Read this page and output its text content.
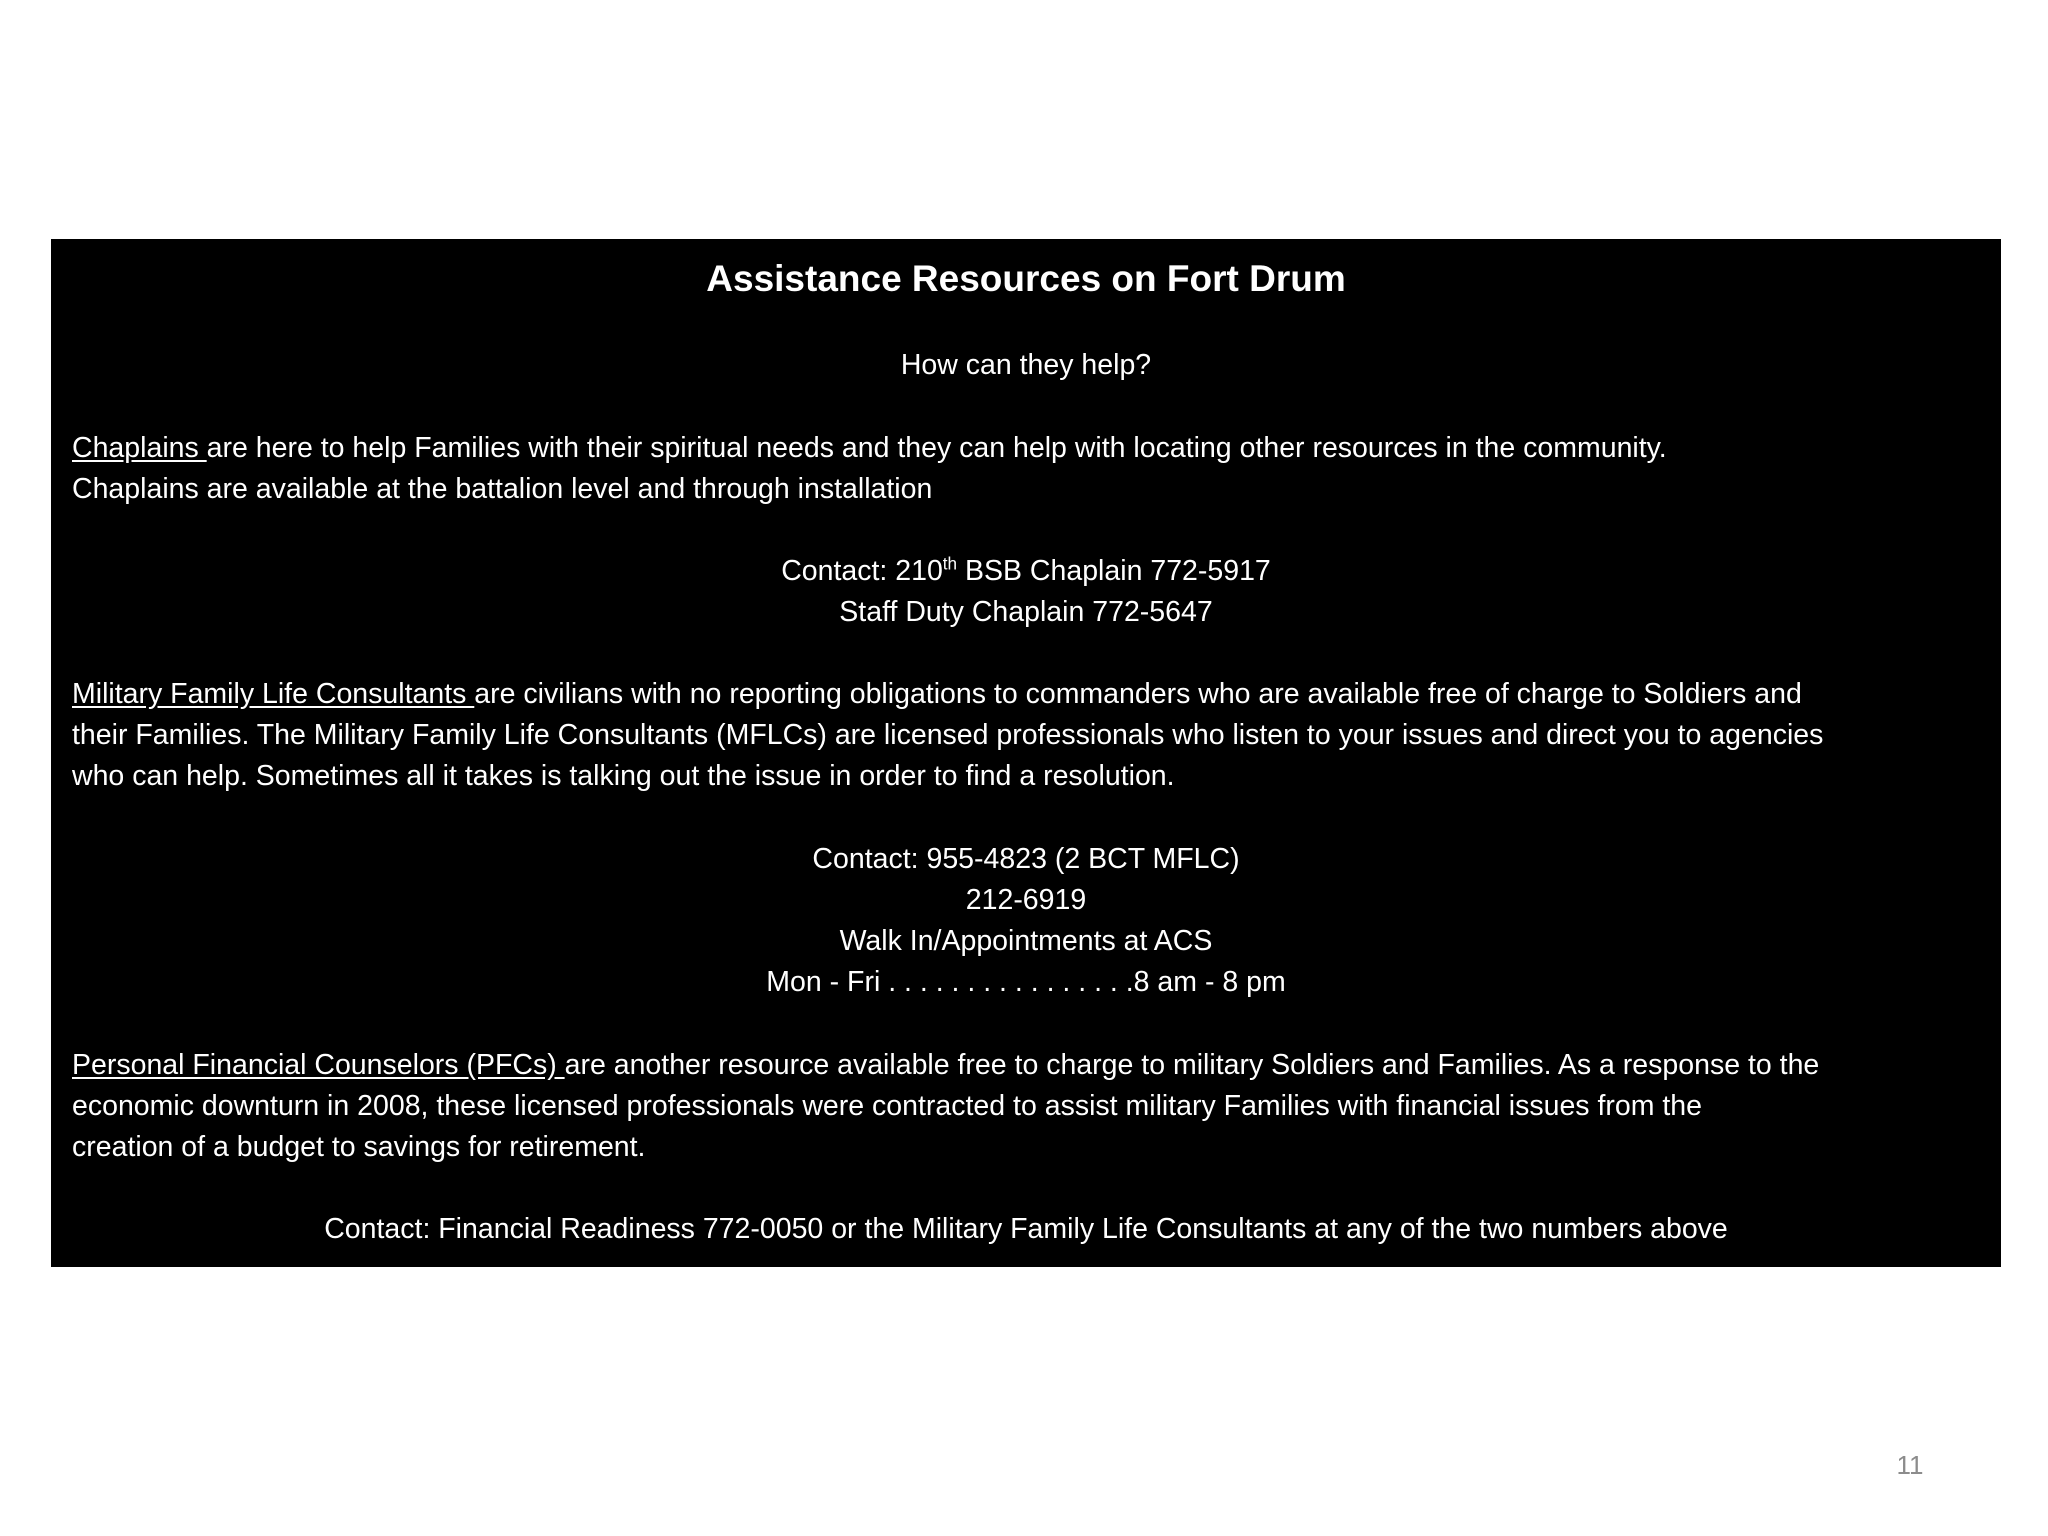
Assistance Resources on Fort Drum
How can they help?
Chaplains are here to help Families with their spiritual needs and they can help with locating other resources in the community.
Chaplains are available at the battalion level and through installation
Contact: 210th BSB Chaplain 772-5917
Staff Duty Chaplain 772-5647
Military Family Life Consultants are civilians with no reporting obligations to commanders who are available free of charge to Soldiers and
their Families. The Military Family Life Consultants (MFLCs) are licensed professionals who listen to your issues and direct you to agencies
who can help. Sometimes all it takes is talking out the issue in order to find a resolution.
Contact: 955-4823 (2 BCT MFLC)
212-6919
Walk In/Appointments at ACS
Mon - Fri . . . . . . . . . . . . . . . .8 am - 8 pm
Personal Financial Counselors (PFCs) are another resource available free to charge to military Soldiers and Families. As a response to the
economic downturn in 2008, these licensed professionals were contracted to assist military Families with financial issues from the
creation of a budget to savings for retirement.
Contact: Financial Readiness 772-0050 or the Military Family Life Consultants at any of the two numbers above
11
